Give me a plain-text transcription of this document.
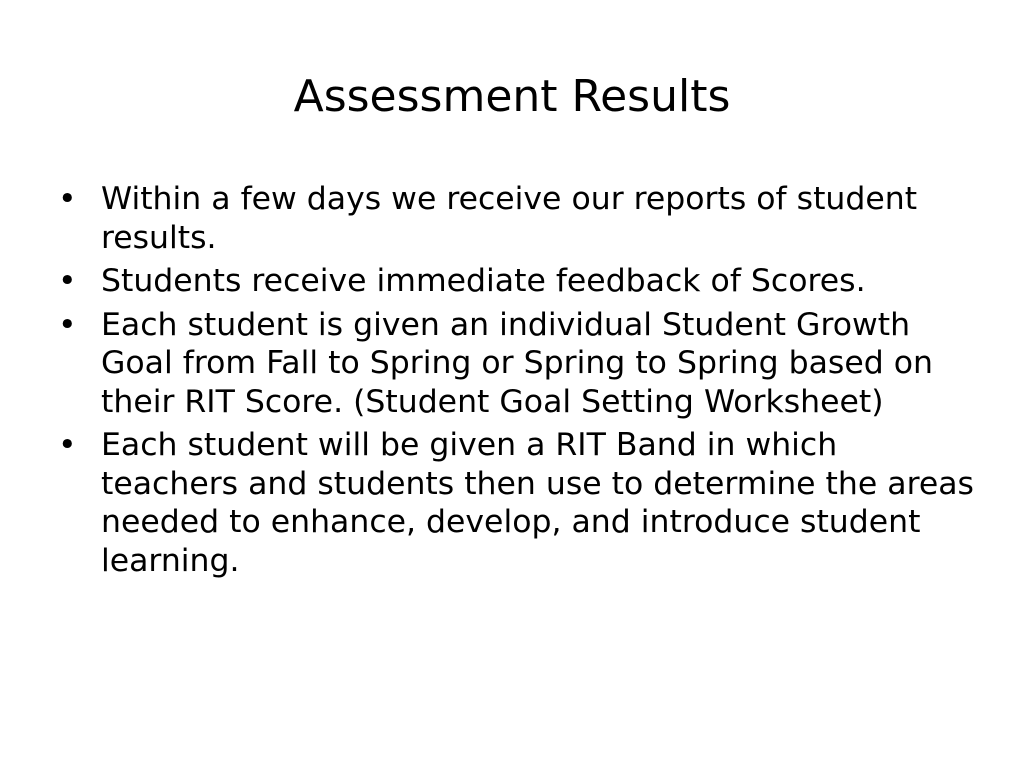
Assessment Results
• Within a few days we receive our reports of student results.
• Students receive immediate feedback of Scores.
• Each student is given an individual Student Growth Goal from Fall to Spring or Spring to Spring based on their RIT Score. (Student Goal Setting Worksheet)
• Each student will be given a RIT Band in which teachers and students then use to determine the areas needed to enhance, develop, and introduce student learning.
